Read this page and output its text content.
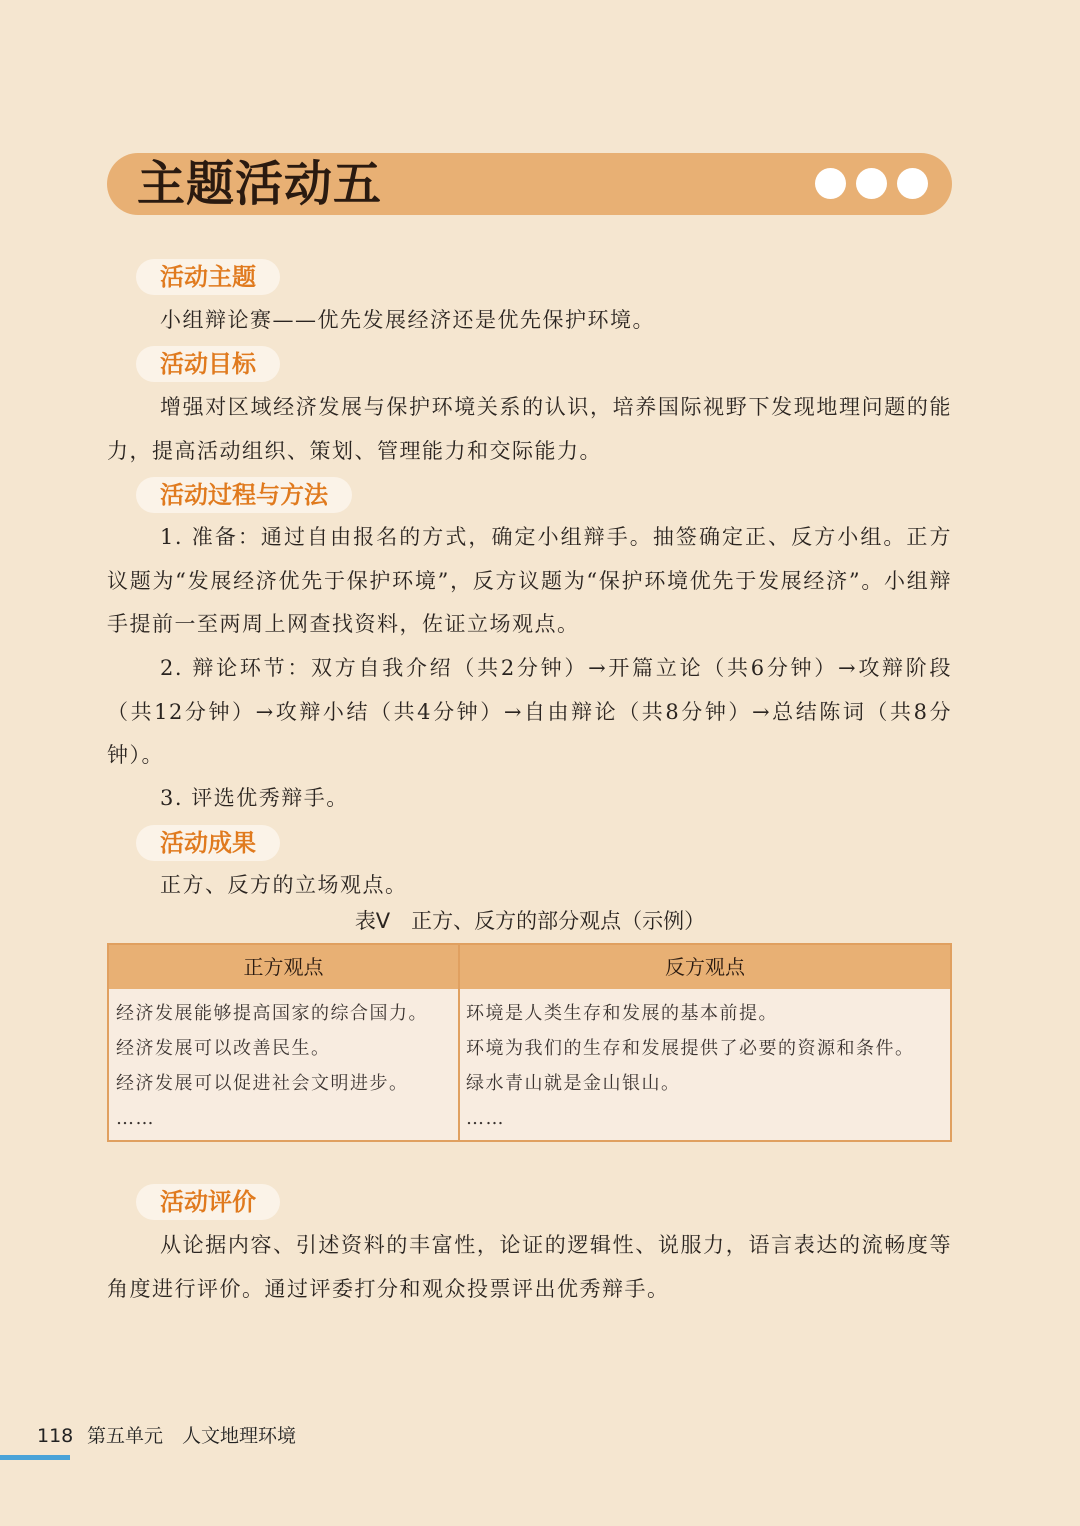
主题活动五
活动主题
小组辩论赛——优先发展经济还是优先保护环境。
活动目标
增强对区域经济发展与保护环境关系的认识，培养国际视野下发现地理问题的能力，提高活动组织、策划、管理能力和交际能力。
活动过程与方法
1. 准备：通过自由报名的方式，确定小组辩手。抽签确定正、反方小组。正方议题为“发展经济优先于保护环境”，反方议题为“保护环境优先于发展经济”。小组辩手提前一至两周上网查找资料，佐证立场观点。
2. 辩论环节：双方自我介绍（共2分钟）→开篇立论（共6分钟）→攻辩阶段（共12分钟）→攻辩小结（共4分钟）→自由辩论（共8分钟）→总结陈词（共8分钟）。
3. 评选优秀辩手。
活动成果
正方、反方的立场观点。
表V　正方、反方的部分观点（示例）
正方观点	反方观点
经济发展能够提高国家的综合国力。
经济发展可以改善民生。
经济发展可以促进社会文明进步。
……
环境是人类生存和发展的基本前提。
环境为我们的生存和发展提供了必要的资源和条件。
绿水青山就是金山银山。
……
活动评价
从论据内容、引述资料的丰富性，论证的逻辑性、说服力，语言表达的流畅度等角度进行评价。通过评委打分和观众投票评出优秀辩手。
118 第五单元　人文地理环境
